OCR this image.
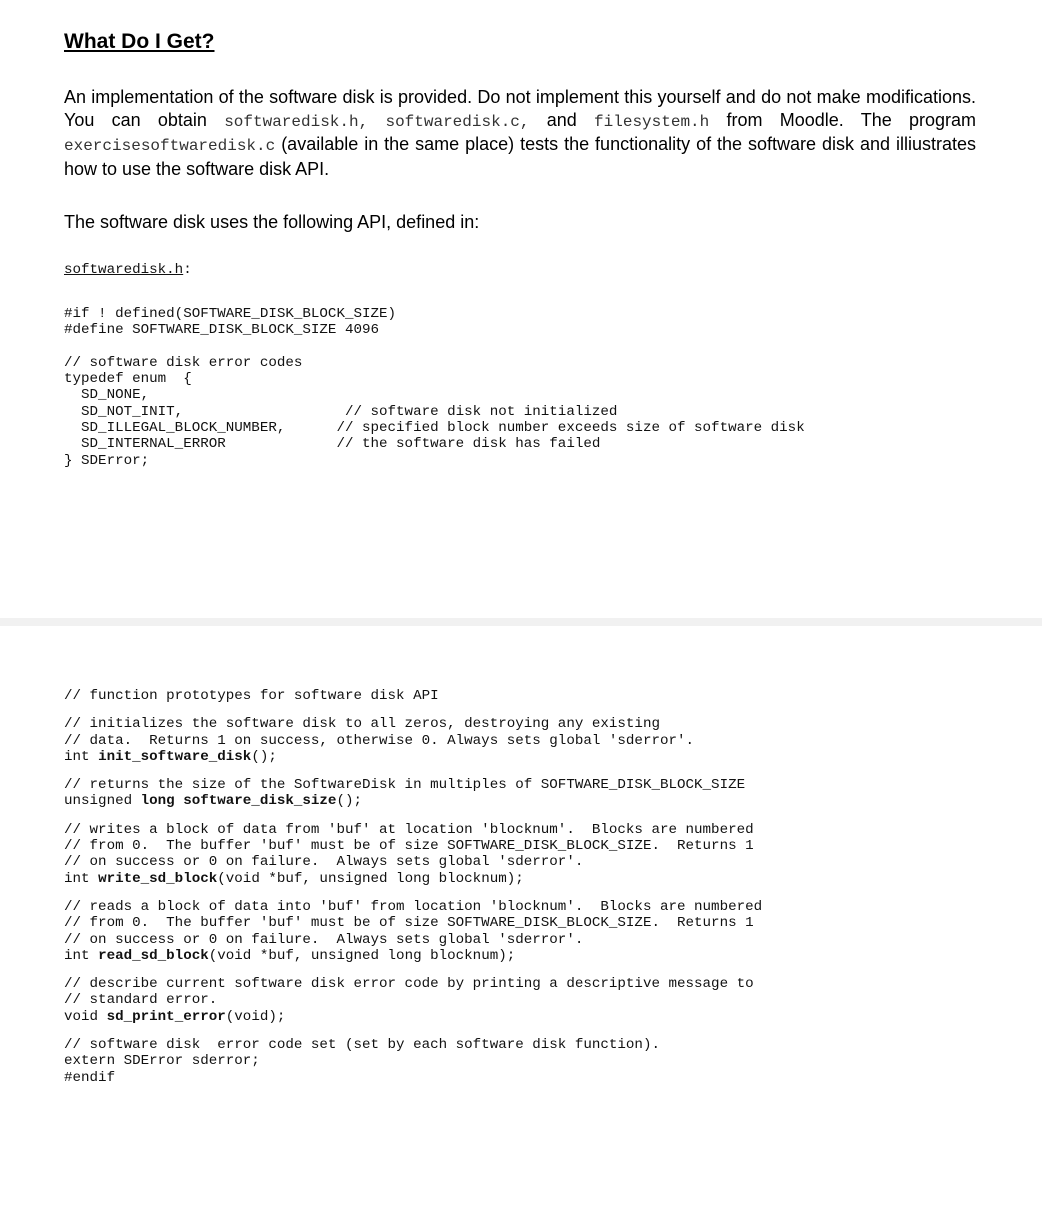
What Do I Get?

An implementation of the software disk is provided. Do not implement this yourself and do not make modifications. You can obtain softwaredisk.h, softwaredisk.c, and filesystem.h from Moodle. The program exercisesoftwaredisk.c (available in the same place) tests the functionality of the software disk and illiustrates how to use the software disk API.

The software disk uses the following API, defined in:

softwaredisk.h:

#if ! defined(SOFTWARE_DISK_BLOCK_SIZE)
#define SOFTWARE_DISK_BLOCK_SIZE 4096
// software disk error codes
typedef enum  {
SD_NONE,
SD_NOT_INIT,                   // software disk not initialized
SD_ILLEGAL_BLOCK_NUMBER,      // specified block number exceeds size of software disk
SD_INTERNAL_ERROR             // the software disk has failed
} SDError;
// function prototypes for software disk API
// initializes the software disk to all zeros, destroying any existing
// data.  Returns 1 on success, otherwise 0. Always sets global 'sderror'.
int init_software_disk();
// returns the size of the SoftwareDisk in multiples of SOFTWARE_DISK_BLOCK_SIZE
unsigned long software_disk_size();
// writes a block of data from 'buf' at location 'blocknum'.  Blocks are numbered
// from 0.  The buffer 'buf' must be of size SOFTWARE_DISK_BLOCK_SIZE.  Returns 1
// on success or 0 on failure.  Always sets global 'sderror'.
int write_sd_block(void *buf, unsigned long blocknum);
// reads a block of data into 'buf' from location 'blocknum'.  Blocks are numbered
// from 0.  The buffer 'buf' must be of size SOFTWARE_DISK_BLOCK_SIZE.  Returns 1
// on success or 0 on failure.  Always sets global 'sderror'.
int read_sd_block(void *buf, unsigned long blocknum);
// describe current software disk error code by printing a descriptive message to
// standard error.
void sd_print_error(void);
// software disk  error code set (set by each software disk function).
extern SDError sderror;
#endif
